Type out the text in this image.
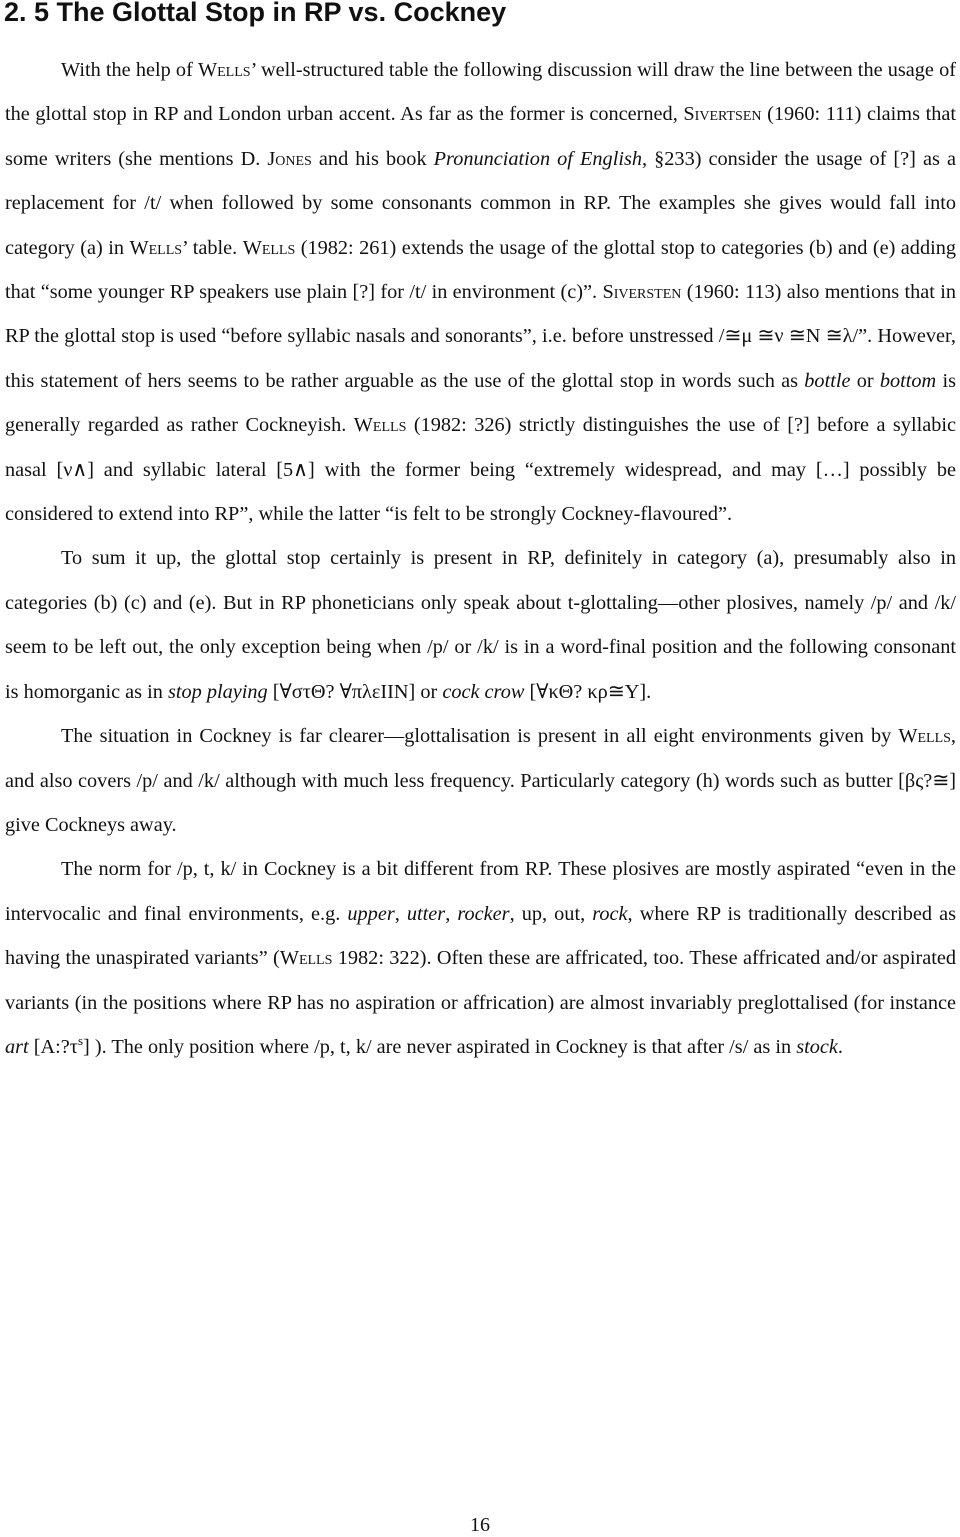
2. 5 The Glottal Stop in RP vs. Cockney

With the help of Wells’ well-structured table the following discussion will draw the line between the usage of the glottal stop in RP and London urban accent. As far as the former is concerned, Sivertsen (1960: 111) claims that some writers (she mentions D. Jones and his book Pronunciation of English, §233) consider the usage of [?] as a replacement for /t/ when followed by some consonants common in RP. The examples she gives would fall into category (a) in Wells’ table. Wells (1982: 261) extends the usage of the glottal stop to categories (b) and (e) adding that “some younger RP speakers use plain [?] for /t/ in environment (c)”. Siversten (1960: 113) also mentions that in RP the glottal stop is used “before syllabic nasals and sonorants”, i.e. before unstressed /≅μ ≅ν ≅N ≅λ/”. However, this statement of hers seems to be rather arguable as the use of the glottal stop in words such as bottle or bottom is generally regarded as rather Cockneyish. Wells (1982: 326) strictly distinguishes the use of [?] before a syllabic nasal [ν∧] and syllabic lateral [5∧] with the former being “extremely widespread, and may […] possibly be considered to extend into RP”, while the latter “is felt to be strongly Cockney-flavoured”.

To sum it up, the glottal stop certainly is present in RP, definitely in category (a), presumably also in categories (b) (c) and (e). But in RP phoneticians only speak about t-glottaling—other plosives, namely /p/ and /k/ seem to be left out, the only exception being when /p/ or /k/ is in a word-final position and the following consonant is homorganic as in stop playing [∀στΘ? ∀πλεΙΙΝ] or cock crow [∀κΘ? κρ≅Υ].

The situation in Cockney is far clearer—glottalisation is present in all eight environments given by Wells, and also covers /p/ and /k/ although with much less frequency. Particularly category (h) words such as butter [βς?≅] give Cockneys away.

The norm for /p, t, k/ in Cockney is a bit different from RP. These plosives are mostly aspirated “even in the intervocalic and final environments, e.g. upper, utter, rocker, up, out, rock, where RP is traditionally described as having the unaspirated variants” (Wells 1982: 322). Often these are affricated, too. These affricated and/or aspirated variants (in the positions where RP has no aspiration or affrication) are almost invariably preglottalised (for instance art $[A:?\tau^s]$ ). The only position where /p, t, k/ are never aspirated in Cockney is that after /s/ as in stock.

16
